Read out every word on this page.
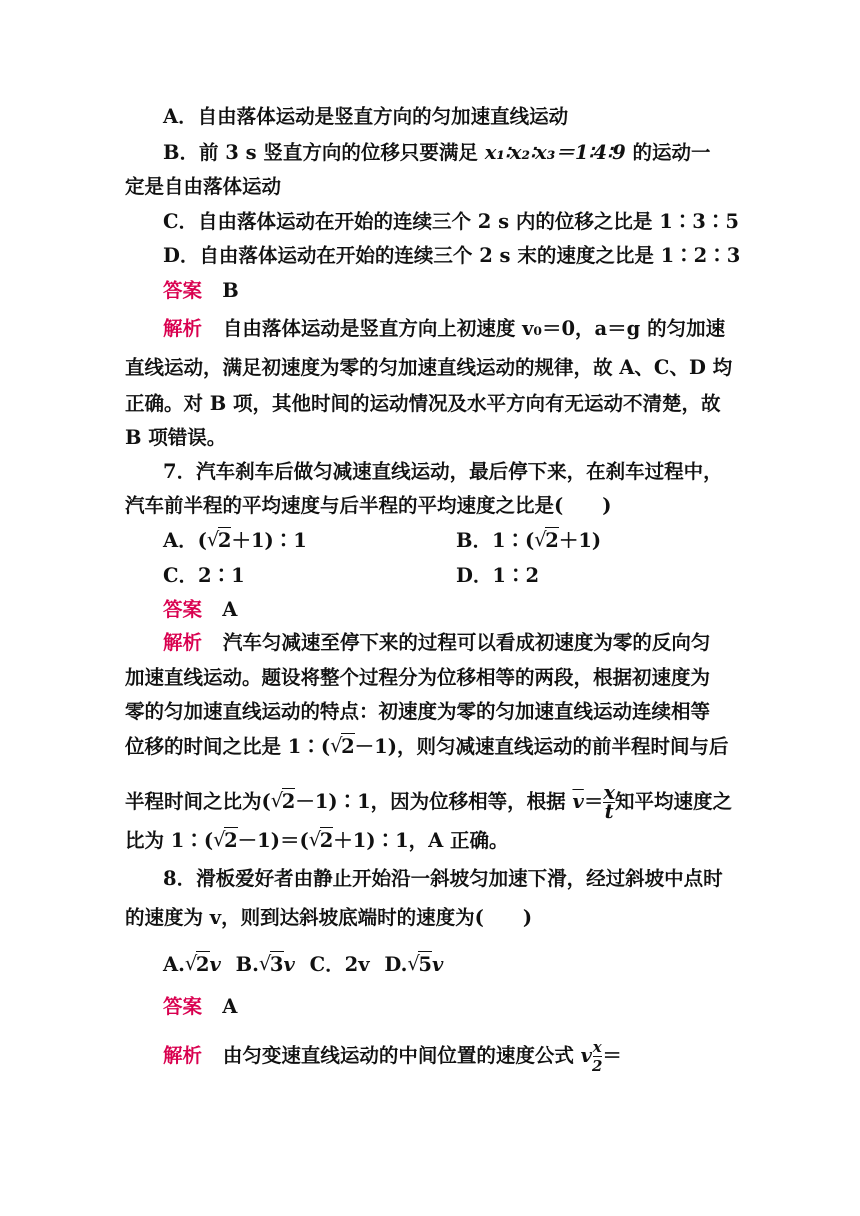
A．自由落体运动是竖直方向的匀加速直线运动
B．前 3 s 竖直方向的位移只要满足 x₁∶x₂∶x₃＝1∶4∶9 的运动一
定是自由落体运动
C．自由落体运动在开始的连续三个 2 s 内的位移之比是 1∶3∶5
D．自由落体运动在开始的连续三个 2 s 末的速度之比是 1∶2∶3
答案 B
解析 自由落体运动是竖直方向上初速度 v₀＝0，a＝g 的匀加速
直线运动，满足初速度为零的匀加速直线运动的规律，故 A、C、D 均
正确。对 B 项，其他时间的运动情况及水平方向有无运动不清楚，故
B 项错误。
7．汽车刹车后做匀减速直线运动，最后停下来，在刹车过程中，
汽车前半程的平均速度与后半程的平均速度之比是(　　)
A．( √ 2＋1)∶1	B．1∶( √ 2＋1)
C．2∶1	D．1∶2
答案 A
解析 汽车匀减速至停下来的过程可以看成初速度为零的反向匀
加速直线运动。题设将整个过程分为位移相等的两段，根据初速度为
零的匀加速直线运动的特点：初速度为零的匀加速直线运动连续相等
位移的时间之比是 1∶( √ 2－1)，则匀减速直线运动的前半程时间与后
半程时间之比为( √ 2－1)∶1，因为位移相等，根据 $\overline{v}= \frac{x}{t}$ 知平均速度之
比为 1∶( √ 2－1)＝( √ 2＋1)∶1，A 正确。
8．滑板爱好者由静止开始沿一斜坡匀加速下滑，经过斜坡中点时
的速度为 v，则到达斜坡底端时的速度为(　　)
A. √ 2v B. √ 3v C．2v D. √ 5v
答案 A
解析 由匀变速直线运动的中间位置的速度公式 v $\frac{x}{2}$ ＝
